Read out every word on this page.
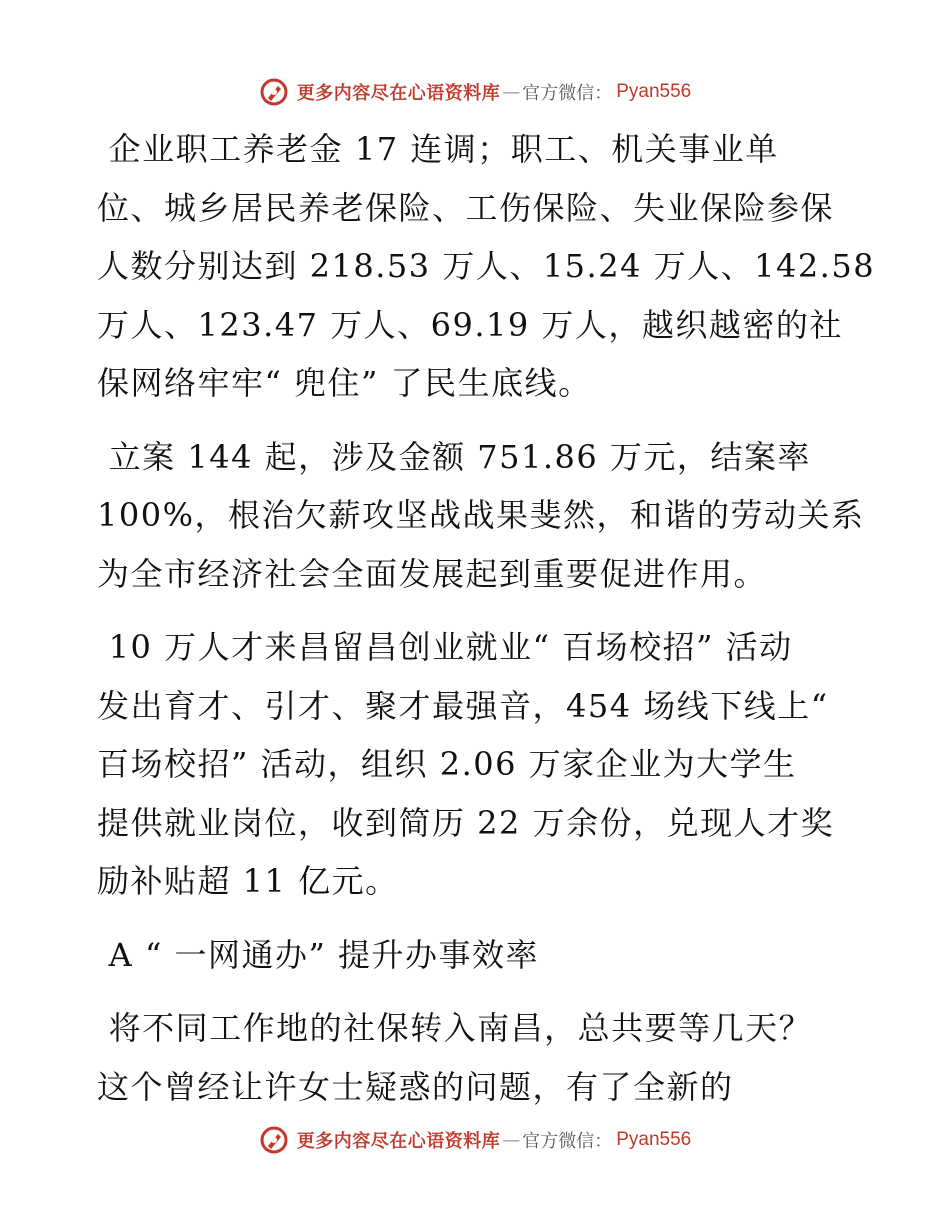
更多内容尽在心语资料库 — 官方微信： Pyan556
企业职工养老金 17 连调；职工、机关事业单
位、城乡居民养老保险、工伤保险、失业保险参保
人数分别达到 218.53 万人、15.24 万人、142.58
万人、123.47 万人、69.19 万人，越织越密的社
保网络牢牢“ 兜住” 了民生底线。
立案 144 起，涉及金额 751.86 万元，结案率
100%，根治欠薪攻坚战战果斐然，和谐的劳动关系
为全市经济社会全面发展起到重要促进作用。
10 万人才来昌留昌创业就业“ 百场校招” 活动
发出育才、引才、聚才最强音，454 场线下线上“
百场校招” 活动，组织 2.06 万家企业为大学生
提供就业岗位，收到简历 22 万余份，兑现人才奖
励补贴超 11 亿元。
A “ 一网通办” 提升办事效率
将不同工作地的社保转入南昌，总共要等几天？
这个曾经让许女士疑惑的问题，有了全新的
更多内容尽在心语资料库 — 官方微信： Pyan556
